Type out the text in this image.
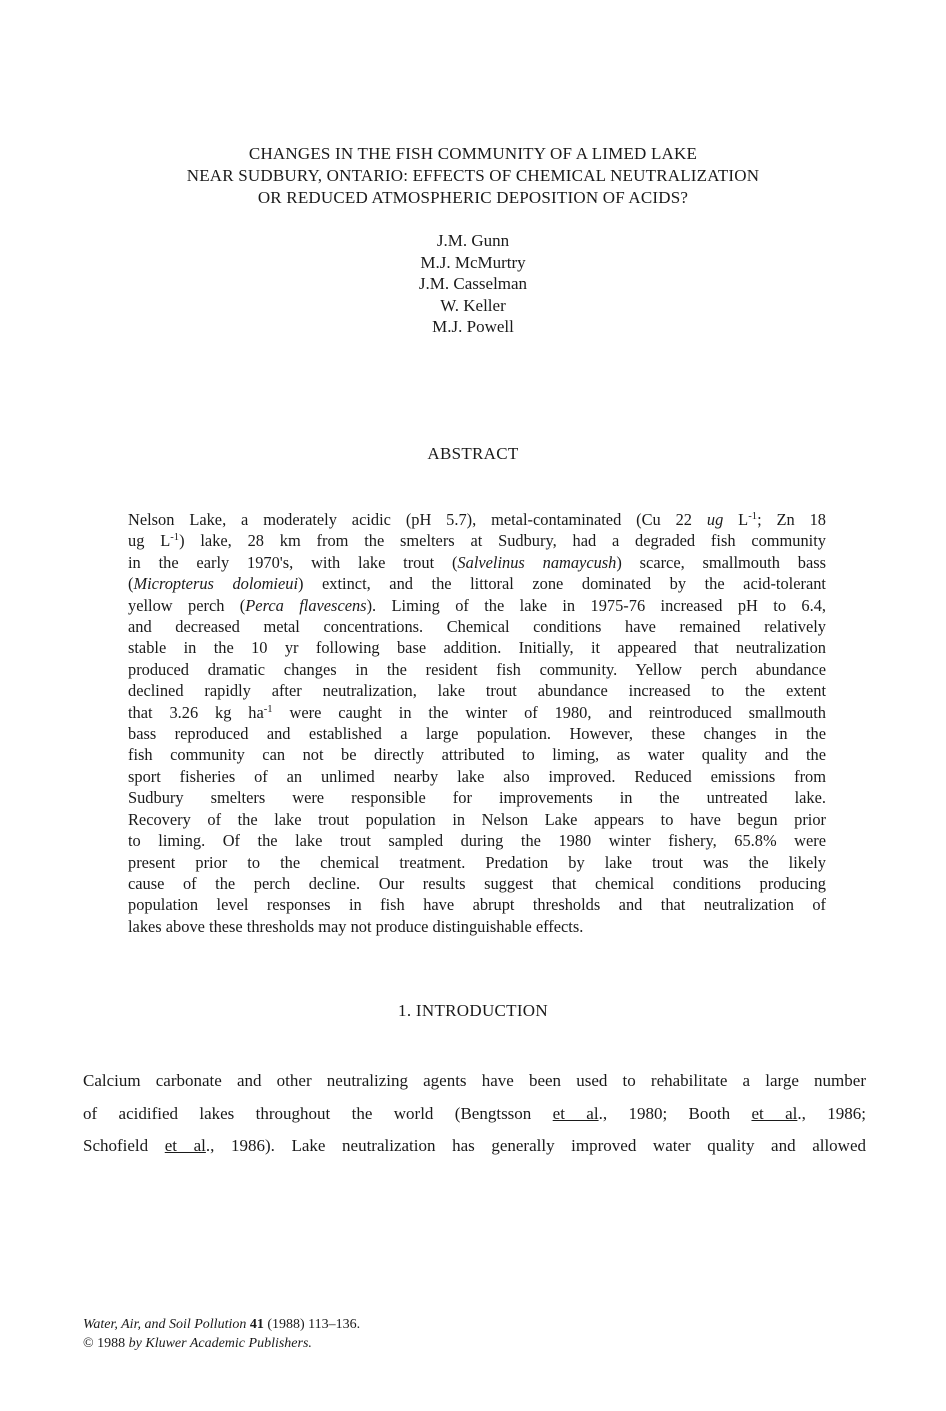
CHANGES IN THE FISH COMMUNITY OF A LIMED LAKE
NEAR SUDBURY, ONTARIO: EFFECTS OF CHEMICAL NEUTRALIZATION
OR REDUCED ATMOSPHERIC DEPOSITION OF ACIDS?
J.M. Gunn
M.J. McMurtry
J.M. Casselman
W. Keller
M.J. Powell
ABSTRACT
Nelson Lake, a moderately acidic (pH 5.7), metal-contaminated (Cu 22 ug $L^{-1}$; Zn 18
ug $L^{-1}$) lake, 28 km from the smelters at Sudbury, had a degraded fish community
in the early 1970's, with lake trout (Salvelinus namaycush) scarce, smallmouth bass
(Micropterus dolomieui) extinct, and the littoral zone dominated by the acid-tolerant
yellow perch (Perca flavescens). Liming of the lake in 1975-76 increased pH to 6.4,
and decreased metal concentrations. Chemical conditions have remained relatively
stable in the 10 yr following base addition. Initially, it appeared that neutralization
produced dramatic changes in the resident fish community. Yellow perch abundance
declined rapidly after neutralization, lake trout abundance increased to the extent
that 3.26 kg $ha^{-1}$ were caught in the winter of 1980, and reintroduced smallmouth
bass reproduced and established a large population. However, these changes in the
fish community can not be directly attributed to liming, as water quality and the
sport fisheries of an unlimed nearby lake also improved. Reduced emissions from
Sudbury smelters were responsible for improvements in the untreated lake.
Recovery of the lake trout population in Nelson Lake appears to have begun prior
to liming. Of the lake trout sampled during the 1980 winter fishery, 65.8% were
present prior to the chemical treatment. Predation by lake trout was the likely
cause of the perch decline. Our results suggest that chemical conditions producing
population level responses in fish have abrupt thresholds and that neutralization of
lakes above these thresholds may not produce distinguishable effects.
1. INTRODUCTION
Calcium carbonate and other neutralizing agents have been used to rehabilitate a large number
of acidified lakes throughout the world (Bengtsson et al., 1980; Booth et al., 1986;
Schofield et al., 1986). Lake neutralization has generally improved water quality and allowed
Water, Air, and Soil Pollution 41 (1988) 113–136.
© 1988 by Kluwer Academic Publishers.
